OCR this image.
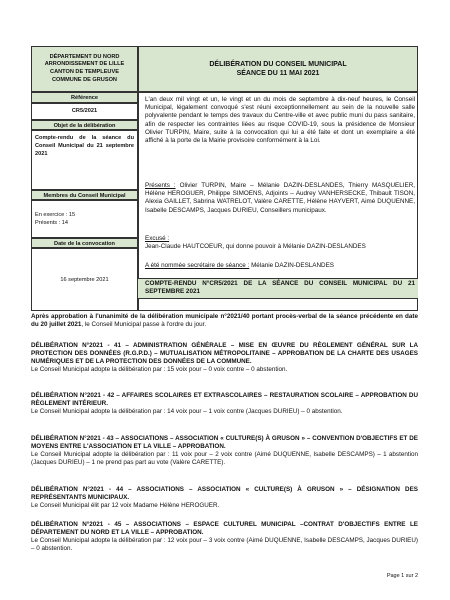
DÉPARTEMENT DU NORD
ARRONDISSEMENT DE LILLE
CANTON DE TEMPLEUVE
COMMUNE DE GRUSON
DÉLIBÉRATION DU CONSEIL MUNICIPAL
SÉANCE DU 11 MAI 2021
Référence
CR5/2021
Objet de la délibération
Compte-rendu de la séance du Conseil Municipal du 21 septembre 2021
Membres du Conseil Municipal
En exercice : 15
Présents : 14
Date de la convocation
16 septembre 2021
L'an deux mil vingt et un, le vingt et un du mois de septembre à dix-neuf heures, le Conseil Municipal, légalement convoqué s'est réuni exceptionnellement au sein de la nouvelle salle polyvalente pendant le temps des travaux du Centre-ville et avec public muni du pass sanitaire, afin de respecter les contraintes liées au risque COVID-19, sous la présidence de Monsieur Olivier TURPIN, Maire, suite à la convocation qui lui a été faite et dont un exemplaire a été affiché à la porte de la Mairie provisoire conformément à la Loi.
Présents : Olivier TURPIN, Maire – Mélanie DAZIN-DESLANDES, Thierry MASQUELIER, Hélène HEROGUER, Philippe SIMOENS, Adjoints – Audrey VANHERSECKE, Thibault TISON, Alexia GAILLET, Sabrina WATRELOT, Valère CARETTE, Hélène HAYVERT, Aimé DUQUENNE, Isabelle DESCAMPS, Jacques DURIEU, Conseillers municipaux.
Excusé :
Jean-Claude HAUTCOEUR, qui donne pouvoir à Mélanie DAZIN-DESLANDES
A été nommée secrétaire de séance : Mélanie DAZIN-DESLANDES
COMPTE-RENDU N°CR5/2021 DE LA SÉANCE DU CONSEIL MUNICIPAL DU 21 SEPTEMBRE 2021
Après approbation à l'unanimité de la délibération municipale n°2021/40 portant procès-verbal de la séance précédente en date du 20 juillet 2021, le Conseil Municipal passe à l'ordre du jour.
DÉLIBÉRATION N°2021 - 41 – ADMINISTRATION GÉNÉRALE – MISE EN ŒUVRE DU RÈGLEMENT GÉNÉRAL SUR LA PROTECTION DES DONNÉES (R.G.P.D.) – MUTUALISATION MÉTROPOLITAINE – APPROBATION DE LA CHARTE DES USAGES NUMÉRIQUES ET DE LA PROTECTION DES DONNÉES DE LA COMMUNE.
Le Conseil Municipal adopte la délibération par : 15 voix pour – 0 voix contre – 0 abstention.
DÉLIBÉRATION N°2021 - 42 – AFFAIRES SCOLAIRES ET EXTRASCOLAIRES – RESTAURATION SCOLAIRE – APPROBATION DU RÈGLEMENT INTÉRIEUR.
Le Conseil Municipal adopte la délibération par : 14 voix pour – 1 voix contre (Jacques DURIEU) – 0 abstention.
DÉLIBÉRATION N°2021 - 43 – ASSOCIATIONS – ASSOCIATION « CULTURE(S) À GRUSON » – CONVENTION D'OBJECTIFS ET DE MOYENS ENTRE L'ASSOCIATION ET LA VILLE – APPROBATION.
Le Conseil Municipal adopte la délibération par : 11 voix pour – 2 voix contre (Aimé DUQUENNE, Isabelle DESCAMPS) – 1 abstention (Jacques DURIEU) – 1 ne prend pas part au vote (Valère CARETTE).
DÉLIBÉRATION N°2021 - 44 – ASSOCIATIONS – ASSOCIATION « CULTURE(S) À GRUSON » – DÉSIGNATION DES REPRÉSENTANTS MUNICIPAUX.
Le Conseil Municipal élit par 12 voix Madame Hélène HEROGUER.
DÉLIBÉRATION N°2021 - 45 – ASSOCIATIONS – ESPACE CULTUREL MUNICIPAL –CONTRAT D'OBJECTIFS ENTRE LE DÉPARTEMENT DU NORD ET LA VILLE – APPROBATION.
Le Conseil Municipal adopte la délibération par : 12 voix pour – 3 voix contre (Aimé DUQUENNE, Isabelle DESCAMPS, Jacques DURIEU) – 0 abstention.
Page 1 sur 2
